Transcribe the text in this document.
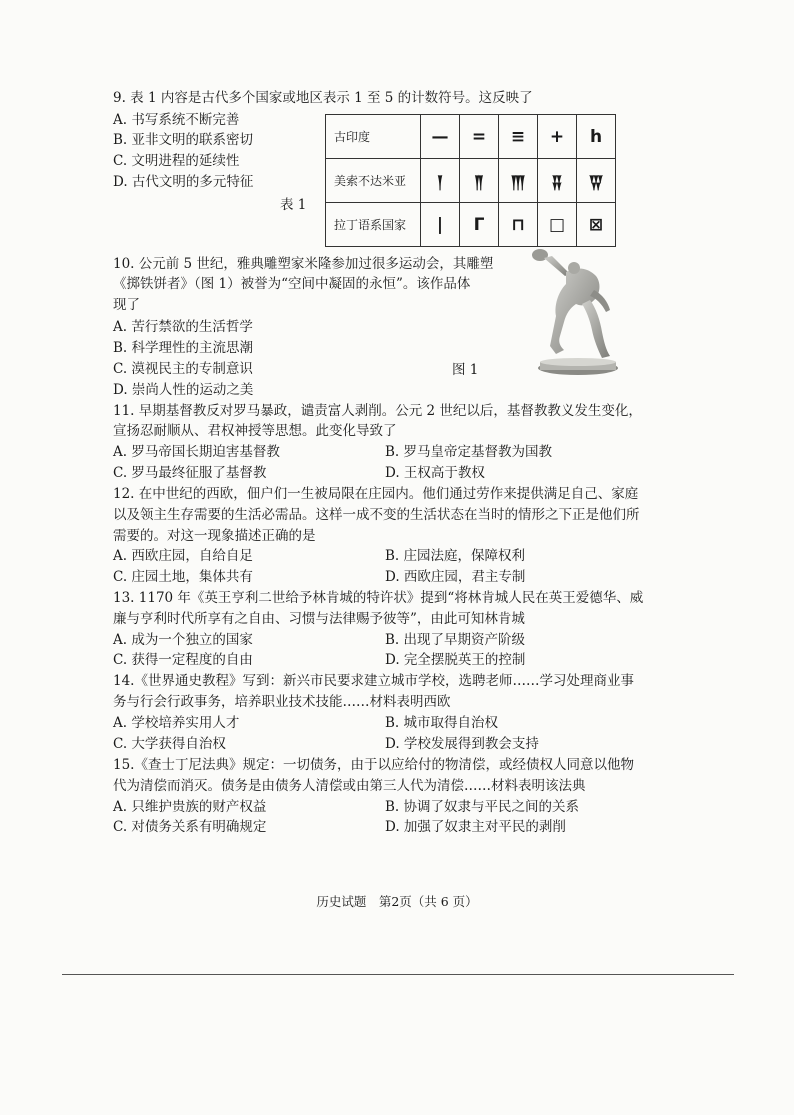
9. 表 1 内容是古代多个国家或地区表示 1 至 5 的计数符号。这反映了
A. 书写系统不断完善
B. 亚非文明的联系密切
C. 文明进程的延续性
D. 古代文明的多元特征
表 1
古印度	—	=	≡	+	h
美索不达米亚	𒁹	𒈫	𒐈	𒐉	𒐊
拉丁语系国家	|	Γ	⊓	□	⊠
10. 公元前 5 世纪，雅典雕塑家米隆参加过很多运动会，其雕塑
《掷铁饼者》（图 1）被誉为“空间中凝固的永恒”。该作品体
现了
A. 苦行禁欲的生活哲学
B. 科学理性的主流思潮
C. 漠视民主的专制意识
D. 崇尚人性的运动之美
图 1
11. 早期基督教反对罗马暴政，谴责富人剥削。公元 2 世纪以后，基督教教义发生变化，
宣扬忍耐顺从、君权神授等思想。此变化导致了
A. 罗马帝国长期迫害基督教	B. 罗马皇帝定基督教为国教
C. 罗马最终征服了基督教	D. 王权高于教权
12. 在中世纪的西欧，佃户们一生被局限在庄园内。他们通过劳作来提供满足自己、家庭
以及领主生存需要的生活必需品。这样一成不变的生活状态在当时的情形之下正是他们所
需要的。对这一现象描述正确的是
A. 西欧庄园，自给自足	B. 庄园法庭，保障权利
C. 庄园土地，集体共有	D. 西欧庄园，君主专制
13. 1170 年《英王亨利二世给予林肯城的特许状》提到“将林肯城人民在英王爱德华、威
廉与亨利时代所享有之自由、习惯与法律赐予彼等”，由此可知林肯城
A. 成为一个独立的国家	B. 出现了早期资产阶级
C. 获得一定程度的自由	D. 完全摆脱英王的控制
14.《世界通史教程》写到：新兴市民要求建立城市学校，选聘老师……学习处理商业事
务与行会行政事务，培养职业技术技能……材料表明西欧
A. 学校培养实用人才	B. 城市取得自治权
C. 大学获得自治权	D. 学校发展得到教会支持
15.《查士丁尼法典》规定：一切债务，由于以应给付的物清偿，或经债权人同意以他物
代为清偿而消灭。债务是由债务人清偿或由第三人代为清偿……材料表明该法典
A. 只维护贵族的财产权益	B. 协调了奴隶与平民之间的关系
C. 对债务关系有明确规定	D. 加强了奴隶主对平民的剥削
历史试题　第2页（共 6 页）
